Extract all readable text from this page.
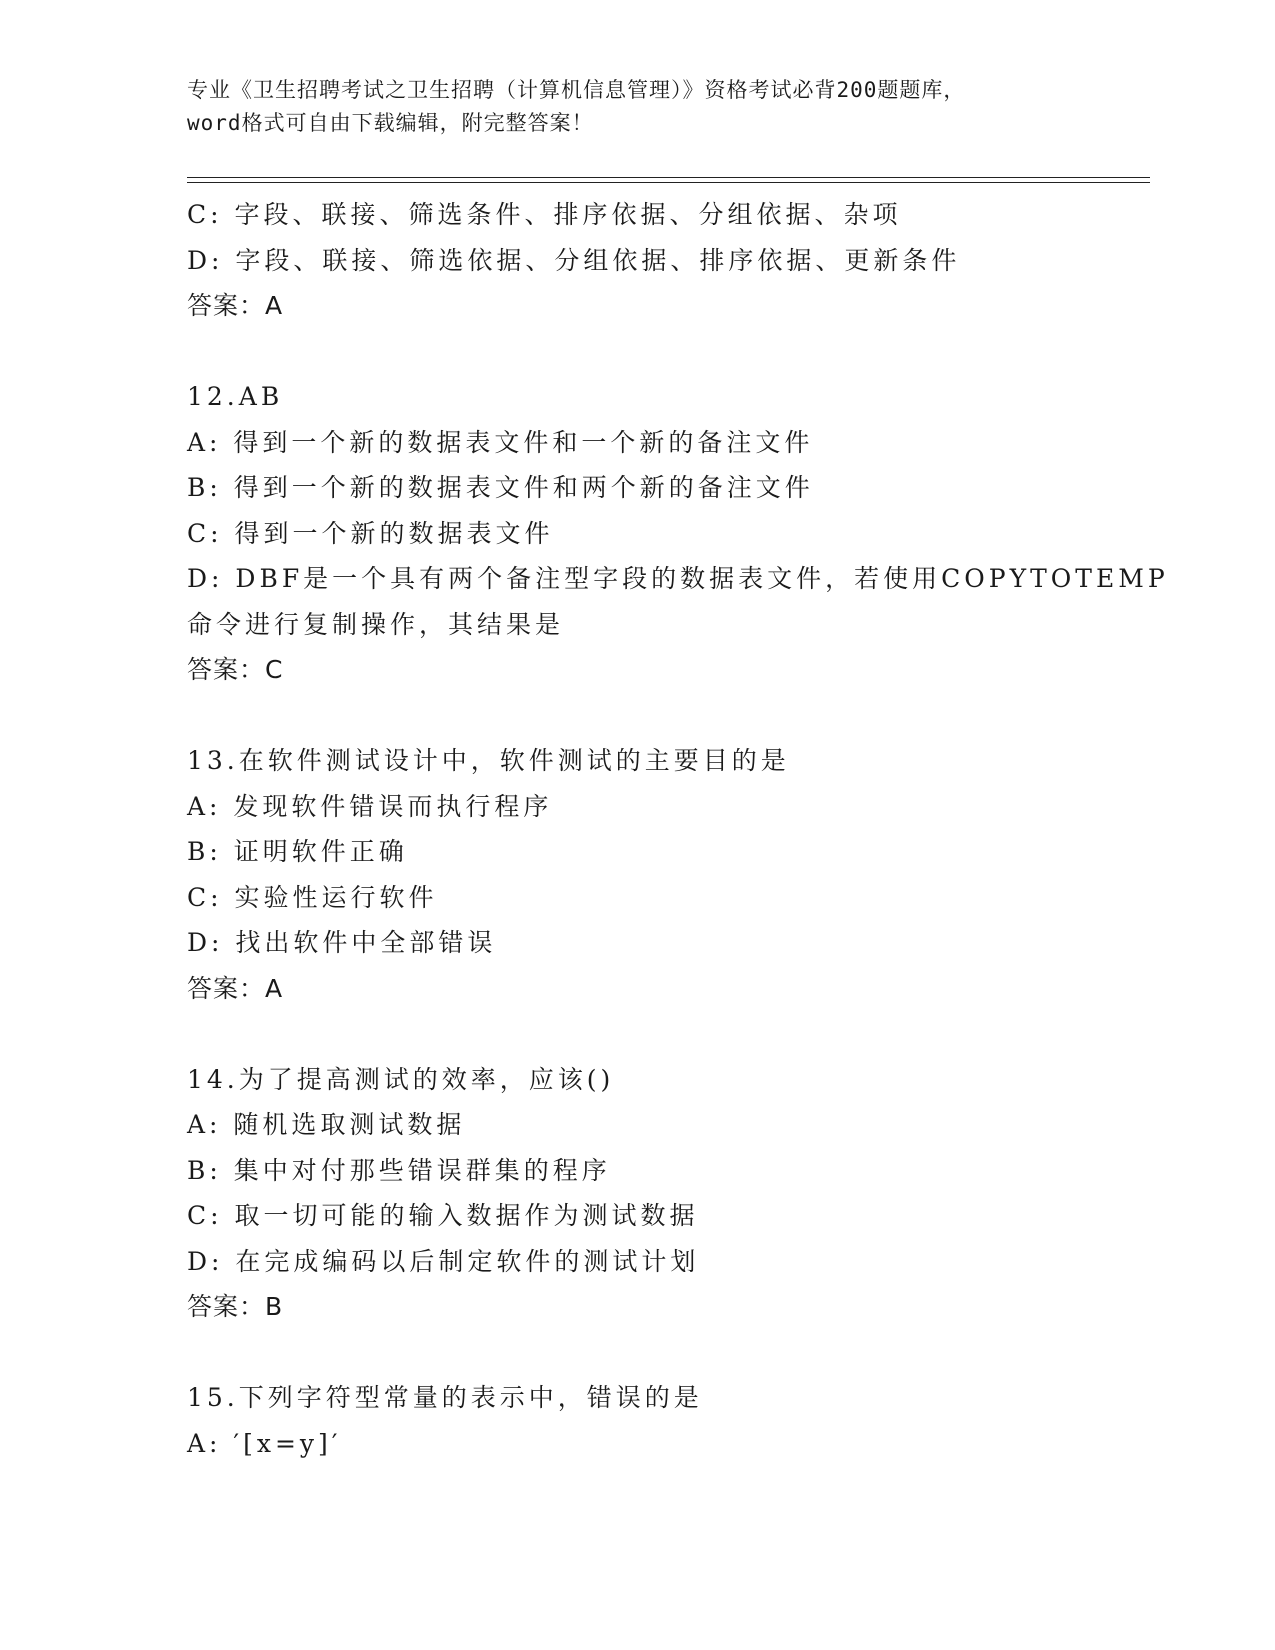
专业《卫生招聘考试之卫生招聘（计算机信息管理）》资格考试必背200题题库，
word格式可自由下载编辑，附完整答案！
C: 字段、联接、筛选条件、排序依据、分组依据、杂项
D: 字段、联接、筛选依据、分组依据、排序依据、更新条件
答案：A
12.AB
A: 得到一个新的数据表文件和一个新的备注文件
B: 得到一个新的数据表文件和两个新的备注文件
C: 得到一个新的数据表文件
D: DBF是一个具有两个备注型字段的数据表文件，若使用COPYTOTEMP
命令进行复制操作，其结果是
答案：C
13.在软件测试设计中，软件测试的主要目的是
A: 发现软件错误而执行程序
B: 证明软件正确
C: 实验性运行软件
D: 找出软件中全部错误
答案：A
14.为了提高测试的效率，应该()
A: 随机选取测试数据
B: 集中对付那些错误群集的程序
C: 取一切可能的输入数据作为测试数据
D: 在完成编码以后制定软件的测试计划
答案：B
15.下列字符型常量的表示中，错误的是
A: ′[x=y]′
